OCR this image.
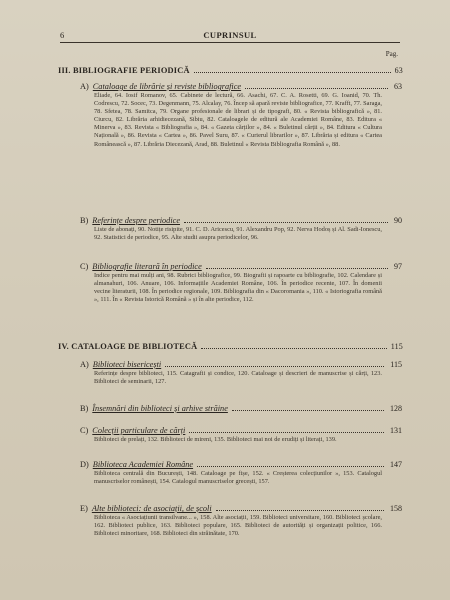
6	CUPRINSUL
Pag.
III. BIBLIOGRAFIE PERIODICĂ	63
A) Cataloage de librărie și reviste bibliografice	63
Eliade, 64. Iosif Romanov, 65. Cabinete de lectură, 66. Asachi, 67. C. A. Rosetti, 69. G. Ioanid, 70. Th. Codrescu, 72. Socec, 73. Degenmann, 75. Alcalay, 76. Încep să apară reviste bibliografice, 77. Krafft, 77. Saraga, 78. Sfetea, 78. Samitca, 79. Organe profesionale de librari și de tipografi, 80. « Revista bibliografică », 81. Ciurcu, 82. Librăria arhidiecezană, Sibiu, 82. Cataloagele de editură ale Academiei Române, 83. Editura « Minerva », 83. Revista « Bibliografia », 84. « Gazeta cărților », 84. « Buletinul cărții », 84. Editura « Cultura Națională », 86. Revista « Cartea », 86. Pavel Suru, 87. « Curierul librarilor », 87. Librăria și editura « Cartea Românească », 87. Librăria Diecezană, Arad, 88. Buletinul « Revista Bibliografia Română », 88.
B) Referințe despre periodice	90
Liste de abonați, 90. Notițe risipite, 91. C. D. Aricescu, 91. Alexandru Pop, 92. Nerva Hodoș și Al. Sadi-Ionescu, 92. Statistici de periodice, 95. Alte studii asupra periodicelor, 96.
C) Bibliografie literară în periodice	97
Indice pentru mai mulți ani, 98. Rubrici bibliografice, 99. Biografii și rapoarte cu bibliografie, 102. Calendare și almanahuri, 106. Anuare, 106. Informațiile Academiei Române, 106. În periodice recente, 107. În domenii vecine literaturii, 108. În periodice regionale, 109. Bibliografia din « Dacoromania », 110. « Istoriografia română », 111. În « Revista Istorică Română » și în alte periodice, 112.
IV. CATALOAGE DE BIBLIOTECĂ	115
A) Biblioteci bisericești	115
Referințe despre biblioteci, 115. Catagrafii și condice, 120. Cataloage și descrieri de manuscrise și cărți, 123. Biblioteci de seminarii, 127.
B) Însemnări din biblioteci și arhive străine	128
C) Colecții particulare de cărți	131
Biblioteci de prelați, 132. Biblioteci de mireni, 135. Biblioteci mai noi de erudiți și literați, 139.
D) Biblioteca Academiei Române	147
Biblioteca centrală din București, 148. Cataloage pe fișe, 152. « Creșterea colecțiunilor », 153. Catalogul manuscriselor românești, 154. Catalogul manuscriselor grecești, 157.
E) Alte biblioteci: de asociații, de școli	158
Biblioteca « Asociațiunii transilvane... », 158. Alte asociații, 159. Biblioteci universitare, 160. Biblioteci școlare, 162. Biblioteci publice, 163. Biblioteci populare, 165. Biblioteci de autorități și organizații politice, 166. Biblioteci minoritare, 168. Biblioteci din străinătate, 170.
